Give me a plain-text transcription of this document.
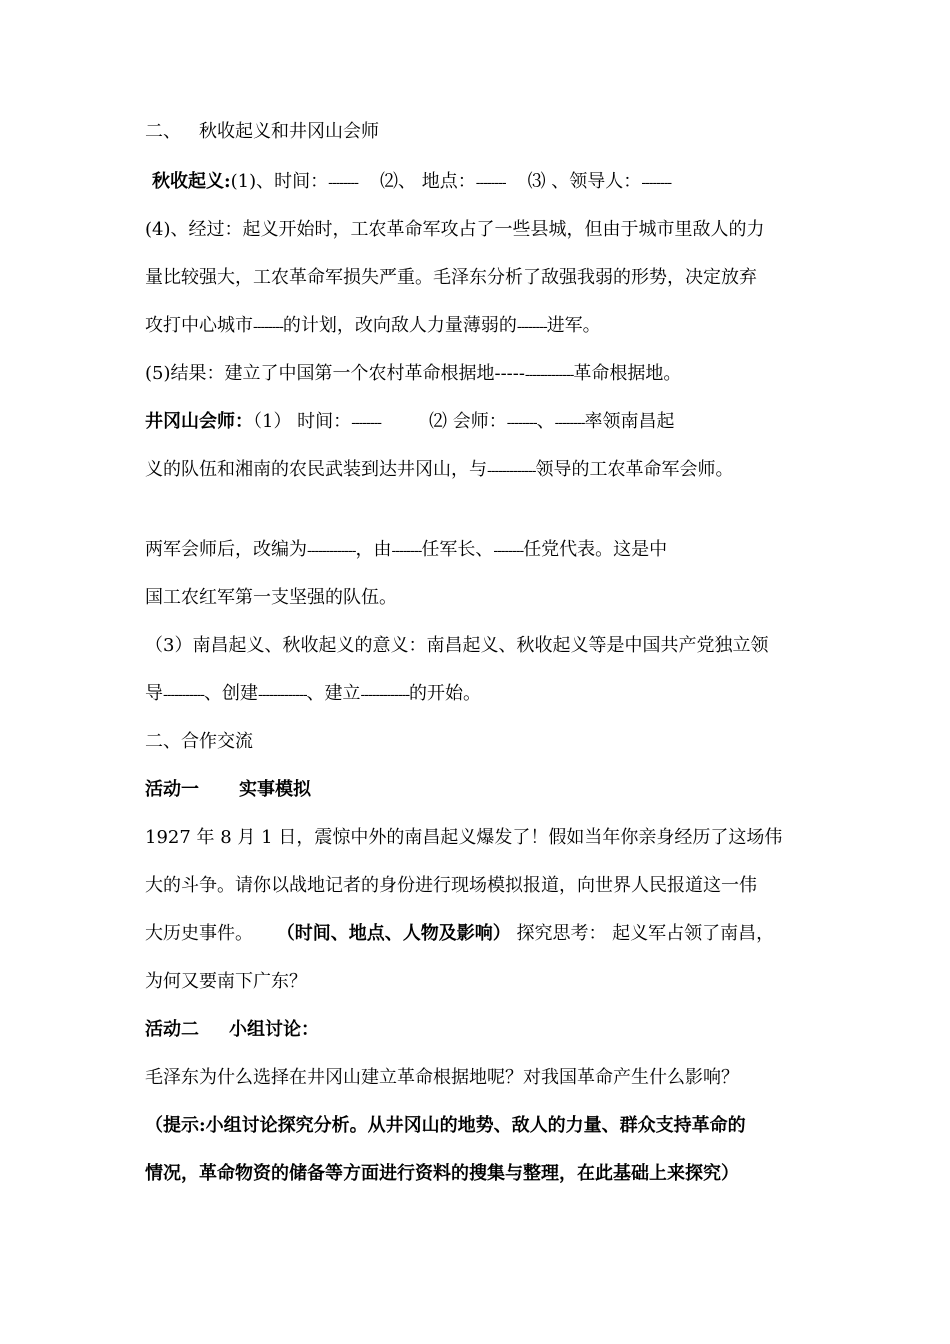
二、 秋收起义和井冈山会师
秋收起义:(1)、时间：-------- ⑵、 地点：-------- ⑶ 、领导人：--------
(4)、经过：起义开始时，工农革命军攻占了一些县城，但由于城市里敌人的力
量比较强大，工农革命军损失严重。毛泽东分析了敌强我弱的形势，决定放弃
攻打中心城市--------的计划，改向敌人力量薄弱的--------进军。
(5)结果：建立了中国第一个农村革命根据地------------------革命根据地。
井冈山会师：（1） 时间：--------	⑵ 会师：--------、--------率领南昌起
义的队伍和湘南的农民武装到达井冈山，与-------------领导的工农革命军会师。
两军会师后，改编为-------------，由--------任军长、--------任党代表。这是中
国工农红军第一支坚强的队伍。
（3）南昌起义、秋收起义的意义：南昌起义、秋收起义等是中国共产党独立领
导-----------、创建-------------、建立-------------的开始。
二、合作交流
活动一 实事模拟
1927 年 8 月 1 日，震惊中外的南昌起义爆发了！假如当年你亲身经历了这场伟
大的斗争。请你以战地记者的身份进行现场模拟报道，向世界人民报道这一伟
大历史事件。 （时间、地点、人物及影响） 探究思考： 起义军占领了南昌，
为何又要南下广东？
活动二 小组讨论：
毛泽东为什么选择在井冈山建立革命根据地呢？对我国革命产生什么影响？
（提示:小组讨论探究分析。从井冈山的地势、敌人的力量、群众支持革命的
情况，革命物资的储备等方面进行资料的搜集与整理，在此基础上来探究）
